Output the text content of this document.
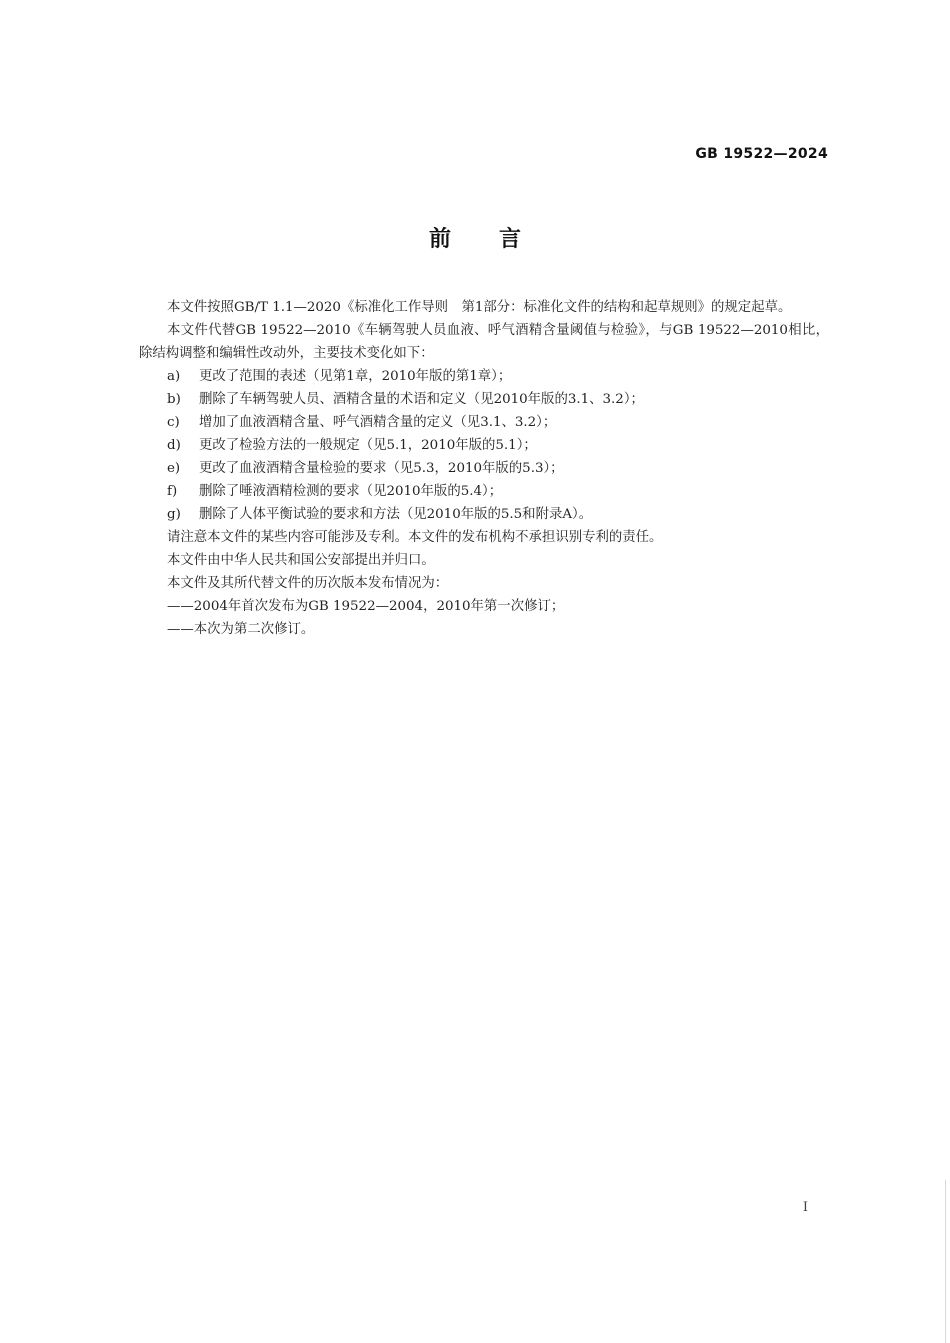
GB 19522—2024
前言

本文件按照GB/T 1.1—2020《标准化工作导则　第1部分：标准化文件的结构和起草规则》的规定起草。

本文件代替GB 19522—2010《车辆驾驶人员血液、呼气酒精含量阈值与检验》，与GB 19522—2010相比，除结构调整和编辑性改动外，主要技术变化如下：

a)	更改了范围的表述（见第1章，2010年版的第1章）；
b)	删除了车辆驾驶人员、酒精含量的术语和定义（见2010年版的3.1、3.2）；
c)	增加了血液酒精含量、呼气酒精含量的定义（见3.1、3.2）；
d)	更改了检验方法的一般规定（见5.1，2010年版的5.1）；
e)	更改了血液酒精含量检验的要求（见5.3，2010年版的5.3）；
f)	删除了唾液酒精检测的要求（见2010年版的5.4）；
g)	删除了人体平衡试验的要求和方法（见2010年版的5.5和附录A）。

请注意本文件的某些内容可能涉及专利。本文件的发布机构不承担识别专利的责任。

本文件由中华人民共和国公安部提出并归口。

本文件及其所代替文件的历次版本发布情况为：

——2004年首次发布为GB 19522—2004，2010年第一次修订；

——本次为第二次修订。

I
